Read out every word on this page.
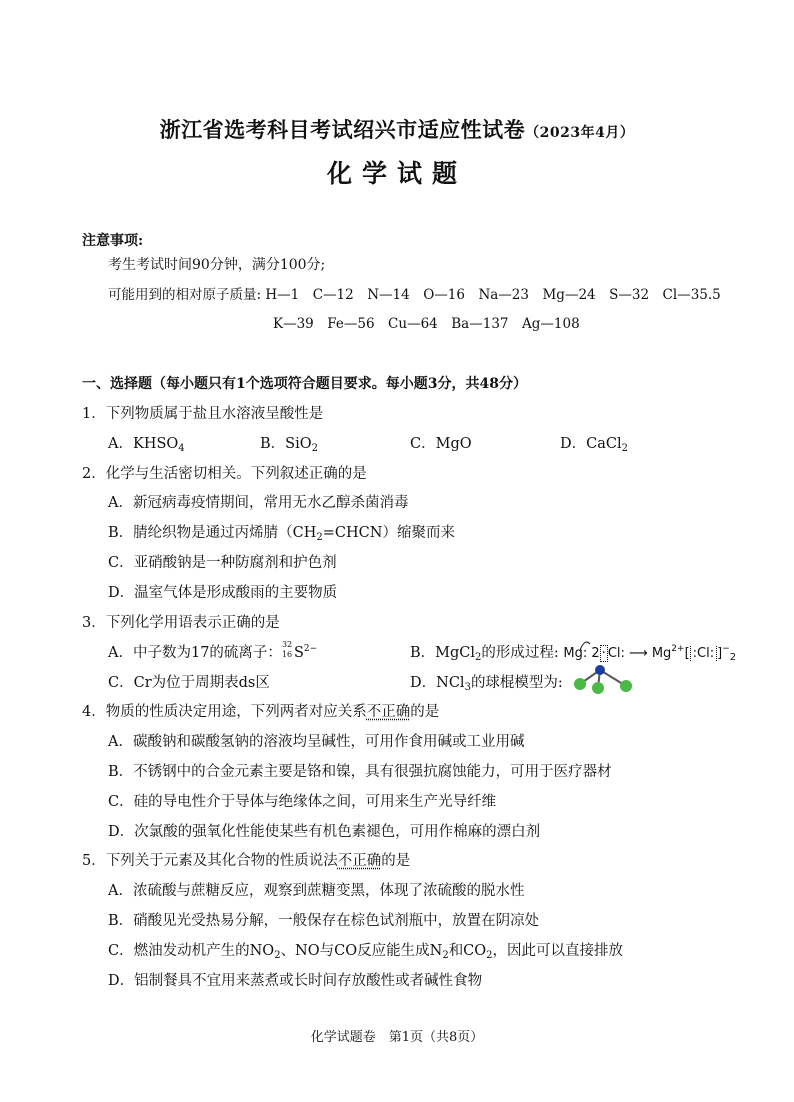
浙江省选考科目考试绍兴市适应性试卷（2023年4月）
化学试题
注意事项:
考生考试时间90分钟，满分100分;
可能用到的相对原子质量: H—1　C—12　N—14　O—16　Na—23　Mg—24　S—32　Cl—35.5
K—39　Fe—56　Cu—64　Ba—137　Ag—108
一、选择题（每小题只有1个选项符合题目要求。每小题3分，共48分）
1．下列物质属于盐且水溶液呈酸性是
A．$KHSO_4$	B．SiO$_2$	C．MgO	D．CaCl$_2$
2．化学与生活密切相关。下列叙述正确的是
A．新冠病毒疫情期间，常用无水乙醇杀菌消毒
B．腈纶织物是通过丙烯腈$(CH_2=CHCN)$缩聚而来
C．亚硝酸钠是一种防腐剂和护色剂
D．温室气体是形成酸雨的主要物质
3．下列化学用语表示正确的是
A．中子数为17的硫离子：
32
16 $S^{2-}$	B．MgCl$_2$的形成过程: Mg:
2 · Cl: ⟶ $Mg^{2+}$[ :Cl: ]$^-_2$
C．Cr为位于周期表ds区	D．NCl$_3$的球棍模型为:
4．物质的性质决定用途，下列两者对应关系不正确的是
A．碳酸钠和碳酸氢钠的溶液均呈碱性，可用作食用碱或工业用碱
B．不锈钢中的合金元素主要是铬和镍，具有很强抗腐蚀能力，可用于医疗器材
C．硅的导电性介于导体与绝缘体之间，可用来生产光导纤维
D．次氯酸的强氧化性能使某些有机色素褪色，可用作棉麻的漂白剂
5．下列关于元素及其化合物的性质说法不正确的是
A．浓硫酸与蔗糖反应，观察到蔗糖变黑，体现了浓硫酸的脱水性
B．硝酸见光受热易分解，一般保存在棕色试剂瓶中，放置在阴凉处
C．燃油发动机产生的$NO_2$、NO与CO反应能生成$N_2$和$CO_2$，因此可以直接排放
D．铝制餐具不宜用来蒸煮或长时间存放酸性或者碱性食物
化学试题卷　第1页（共8页）
